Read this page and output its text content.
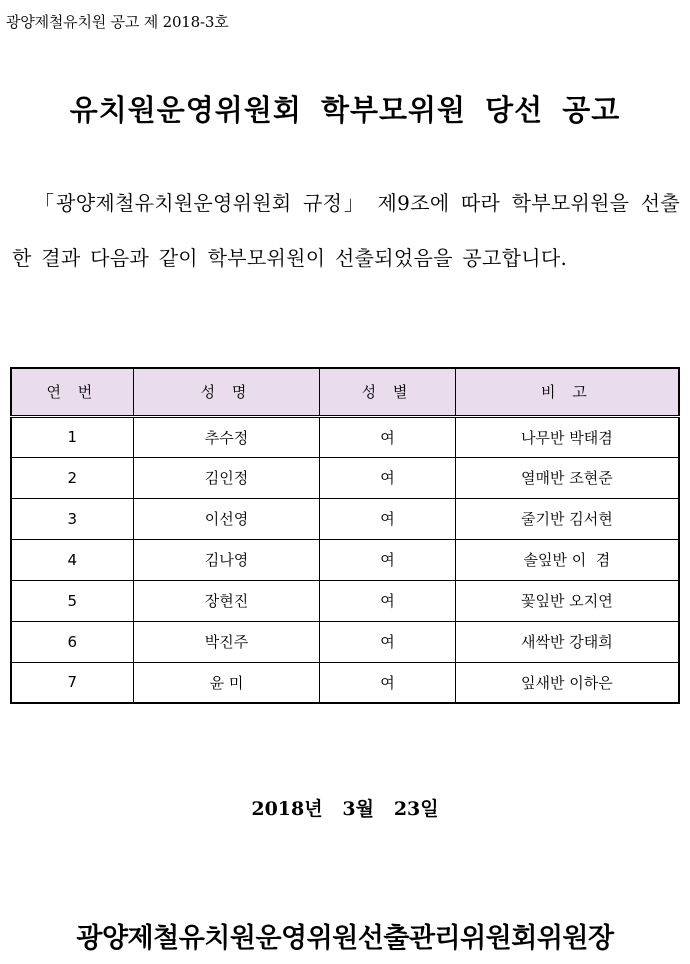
광양제철유치원 공고 제 2018-3호
유치원운영위원회 학부모위원 당선 공고
「광양제철유치원운영위원회 규정」 제9조에 따라 학부모위원을 선출한 결과 다음과 같이 학부모위원이 선출되었음을 공고합니다.
연 번	성 명	성 별	비 고
1	추수정	여	나무반 박태겸
2	김인정	여	열매반 조현준
3	이선영	여	줄기반 김서현
4	김나영	여	솔잎반 이  겸
5	장현진	여	꽃잎반 오지연
6	박진주	여	새싹반 강태희
7	윤 미	여	잎새반 이하은
2018년   3월   23일
광양제철유치원운영위원선출관리위원회위원장
